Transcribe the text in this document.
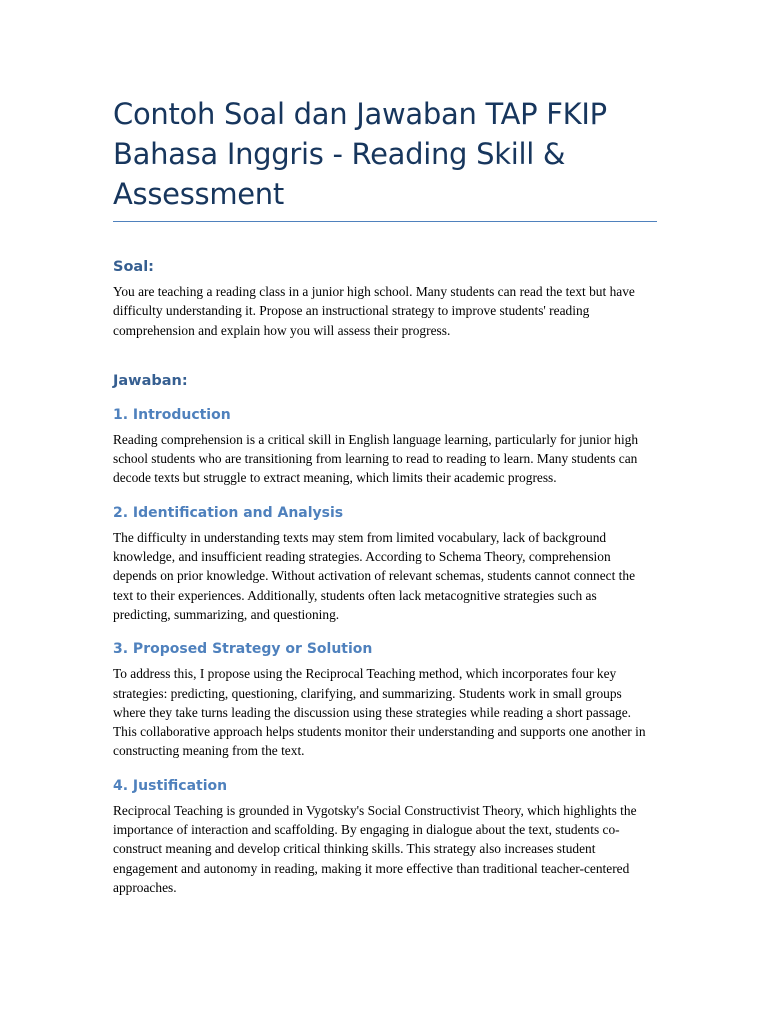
Contoh Soal dan Jawaban TAP FKIP Bahasa Inggris - Reading Skill & Assessment
Soal:

You are teaching a reading class in a junior high school. Many students can read the text but have difficulty understanding it. Propose an instructional strategy to improve students' reading comprehension and explain how you will assess their progress.

Jawaban:
1. Introduction

Reading comprehension is a critical skill in English language learning, particularly for junior high school students who are transitioning from learning to read to reading to learn. Many students can decode texts but struggle to extract meaning, which limits their academic progress.

2. Identification and Analysis

The difficulty in understanding texts may stem from limited vocabulary, lack of background knowledge, and insufficient reading strategies. According to Schema Theory, comprehension depends on prior knowledge. Without activation of relevant schemas, students cannot connect the text to their experiences. Additionally, students often lack metacognitive strategies such as predicting, summarizing, and questioning.

3. Proposed Strategy or Solution

To address this, I propose using the Reciprocal Teaching method, which incorporates four key strategies: predicting, questioning, clarifying, and summarizing. Students work in small groups where they take turns leading the discussion using these strategies while reading a short passage. This collaborative approach helps students monitor their understanding and supports one another in constructing meaning from the text.

4. Justification

Reciprocal Teaching is grounded in Vygotsky's Social Constructivist Theory, which highlights the importance of interaction and scaffolding. By engaging in dialogue about the text, students co-construct meaning and develop critical thinking skills. This strategy also increases student engagement and autonomy in reading, making it more effective than traditional teacher-centered approaches.
